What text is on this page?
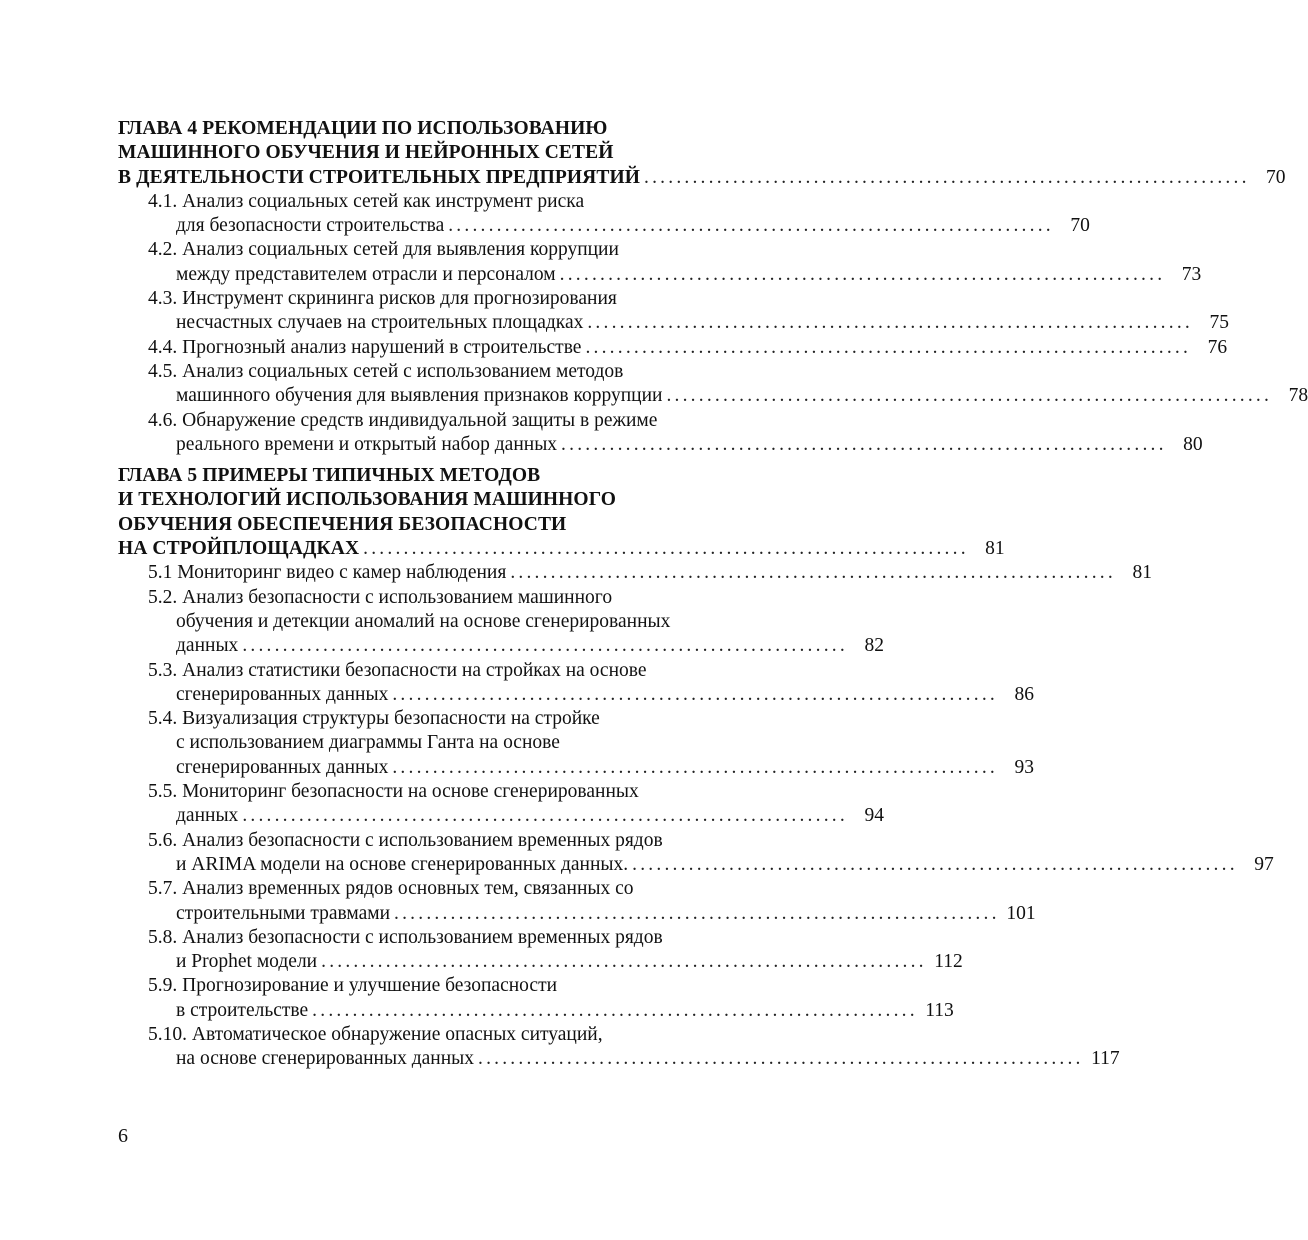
ГЛАВА 4 РЕКОМЕНДАЦИИ ПО ИСПОЛЬЗОВАНИЮ
МАШИННОГО ОБУЧЕНИЯ И НЕЙРОННЫХ СЕТЕЙ
В ДЕЯТЕЛЬНОСТИ СТРОИТЕЛЬНЫХ ПРЕДПРИЯТИЙ ........................................................................... 70
4.1. Анализ социальных сетей как инструмент риска
для безопасности строительства ........................................................................... 70
4.2. Анализ социальных сетей для выявления коррупции
между представителем отрасли и персоналом ........................................................................... 73
4.3. Инструмент скрининга рисков для прогнозирования
несчастных случаев на строительных площадках ........................................................................... 75
4.4. Прогнозный анализ нарушений в строительстве ........................................................................... 76
4.5. Анализ социальных сетей с использованием методов
машинного обучения для выявления признаков коррупции ........................................................................... 78
4.6. Обнаружение средств индивидуальной защиты в режиме
реального времени и открытый набор данных ........................................................................... 80
ГЛАВА 5 ПРИМЕРЫ ТИПИЧНЫХ МЕТОДОВ
И ТЕХНОЛОГИЙ ИСПОЛЬЗОВАНИЯ МАШИННОГО
ОБУЧЕНИЯ ОБЕСПЕЧЕНИЯ БЕЗОПАСНОСТИ
НА СТРОЙПЛОЩАДКАХ ........................................................................... 81
5.1 Мониторинг видео с камер наблюдения ........................................................................... 81
5.2. Анализ безопасности с использованием машинного
обучения и детекции аномалий на основе сгенерированных
данных ........................................................................... 82
5.3. Анализ статистики безопасности на стройках на основе
сгенерированных данных ........................................................................... 86
5.4. Визуализация структуры безопасности на стройке
с использованием диаграммы Ганта на основе
сгенерированных данных ........................................................................... 93
5.5. Мониторинг безопасности на основе сгенерированных
данных ........................................................................... 94
5.6. Анализ безопасности с использованием временных рядов
и ARIMA модели на основе сгенерированных данных. ........................................................................... 97
5.7. Анализ временных рядов основных тем, связанных со
строительными травмами ........................................................................... 101
5.8. Анализ безопасности с использованием временных рядов
и Prophet модели ........................................................................... 112
5.9. Прогнозирование и улучшение безопасности
в строительстве ........................................................................... 113
5.10. Автоматическое обнаружение опасных ситуаций,
на основе сгенерированных данных ........................................................................... 117
6
